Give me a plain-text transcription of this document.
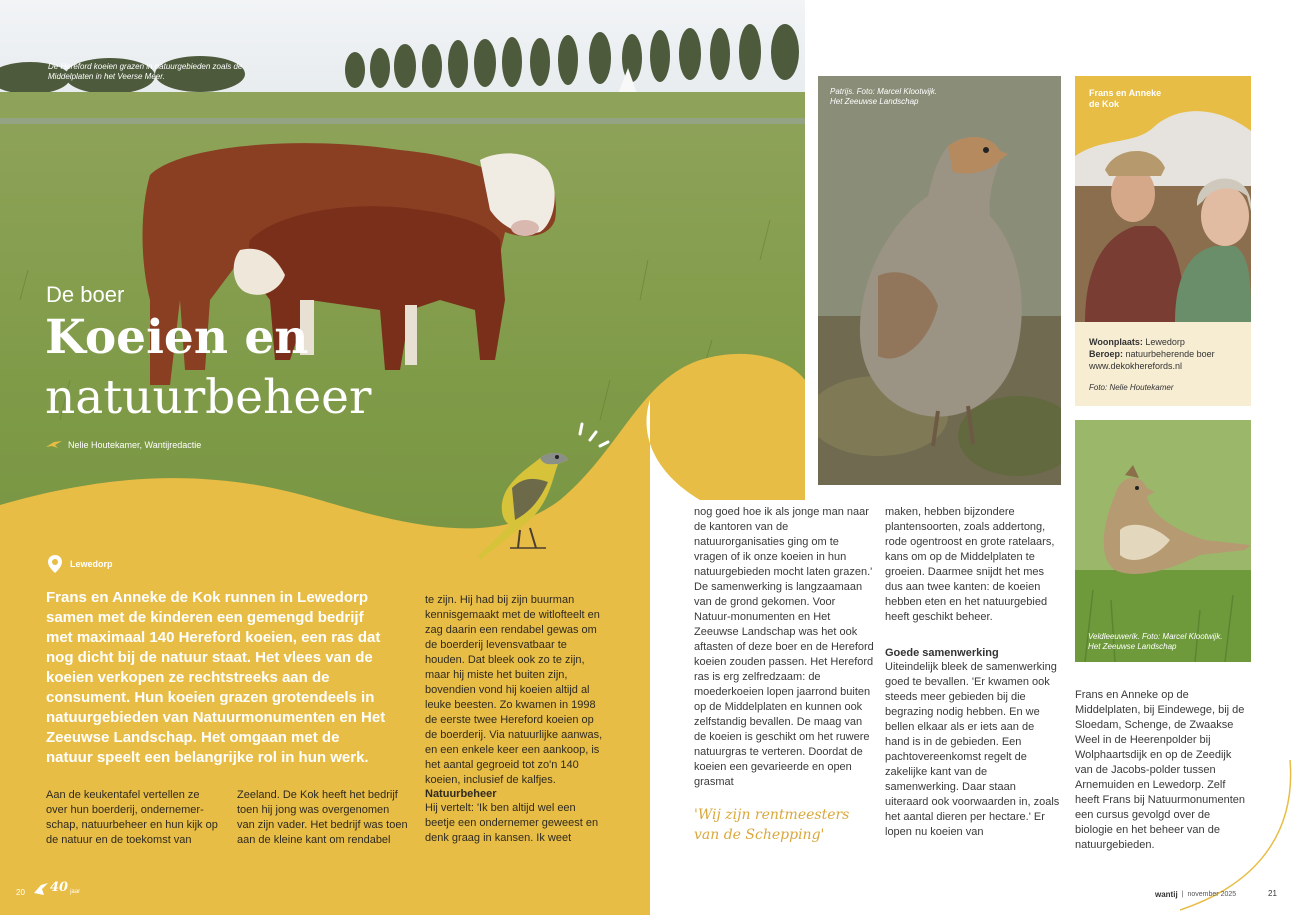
De Hereford koeien grazen in natuurgebieden zoals de Middelplaten in het Veerse Meer.
De boer
Koeien en
natuurbeheer
Nelie Houtekamer, Wantijredactie
Lewedorp
Frans en Anneke de Kok runnen in Lewedorp samen met de kinderen een gemengd bedrijf met maximaal 140 Hereford koeien, een ras dat nog dicht bij de natuur staat. Het vlees van de koeien verkopen ze rechtstreeks aan de consument. Hun koeien grazen grotendeels in natuurgebieden van Natuurmonumenten en Het Zeeuwse Landschap. Het omgaan met de natuur speelt een belangrijke rol in hun werk.
Aan de keukentafel vertellen ze over hun boerderij, ondernemer-schap, natuurbeheer en hun kijk op de natuur en de toekomst van
Zeeland. De Kok heeft het bedrijf toen hij jong was overgenomen van zijn vader. Het bedrijf was toen aan de kleine kant om rendabel
te zijn. Hij had bij zijn buurman kennisgemaakt met de witlofteelt en zag daarin een rendabel gewas om de boerderij levensvatbaar te houden. Dat bleek ook zo te zijn, maar hij miste het buiten zijn, bovendien vond hij koeien altijd al leuke beesten. Zo kwamen in 1998 de eerste twee Hereford koeien op de boerderij. Via natuurlijke aanwas, en een enkele keer een aankoop, is het aantal gegroeid tot zo'n 140 koeien, inclusief de kalfjes.
Natuurbeheer
Hij vertelt: 'Ik ben altijd wel een beetje een ondernemer geweest en denk graag in kansen. Ik weet
20 40 jaar
Patrijs. Foto: Marcel Klootwijk.
Het Zeeuwse Landschap
Frans en Anneke
de Kok
Woonplaats: Lewedorp
Beroep: natuurbeherende boer
www.dekokherefords.nl
Foto: Nelie Houtekamer
Veldleeuwerik. Foto: Marcel Klootwijk.
Het Zeeuwse Landschap
nog goed hoe ik als jonge man naar de kantoren van de natuurorganisaties ging om te vragen of ik onze koeien in hun natuurgebieden mocht laten grazen.' De samenwerking is langzaamaan van de grond gekomen. Voor Natuur-monumenten en Het Zeeuwse Landschap was het ook aftasten of deze boer en de Hereford koeien zouden passen. Het Hereford ras is erg zelfredzaam: de moederkoeien lopen jaarrond buiten op de Middelplaten en kunnen ook zelfstandig bevallen. De maag van de koeien is geschikt om het ruwere natuurgras te verteren. Doordat de koeien een gevarieerde en open grasmat
'Wij zijn rentmeesters van de Schepping'
maken, hebben bijzondere plantensoorten, zoals addertong, rode ogentroost en grote ratelaars, kans om op de Middelplaten te groeien. Daarmee snijdt het mes dus aan twee kanten: de koeien hebben eten en het natuurgebied heeft geschikt beheer.
Goede samenwerking
Uiteindelijk bleek de samenwerking goed te bevallen. 'Er kwamen ook steeds meer gebieden bij die begrazing nodig hebben. En we bellen elkaar als er iets aan de hand is in de gebieden. Een pachtovereenkomst regelt de zakelijke kant van de samenwerking. Daar staan uiteraard ook voorwaarden in, zoals het aantal dieren per hectare.' Er lopen nu koeien van
Frans en Anneke op de Middelplaten, bij Eindewege, bij de Sloedam, Schenge, de Zwaakse Weel in de Heerenpolder bij Wolphaartsdijk en op de Zeedijk van de Jacobs-polder tussen Arnemuiden en Lewedorp. Zelf heeft Frans bij Natuurmonumenten een cursus gevolgd over de biologie en het beheer van de natuurgebieden.
wantij | november 2025	21
